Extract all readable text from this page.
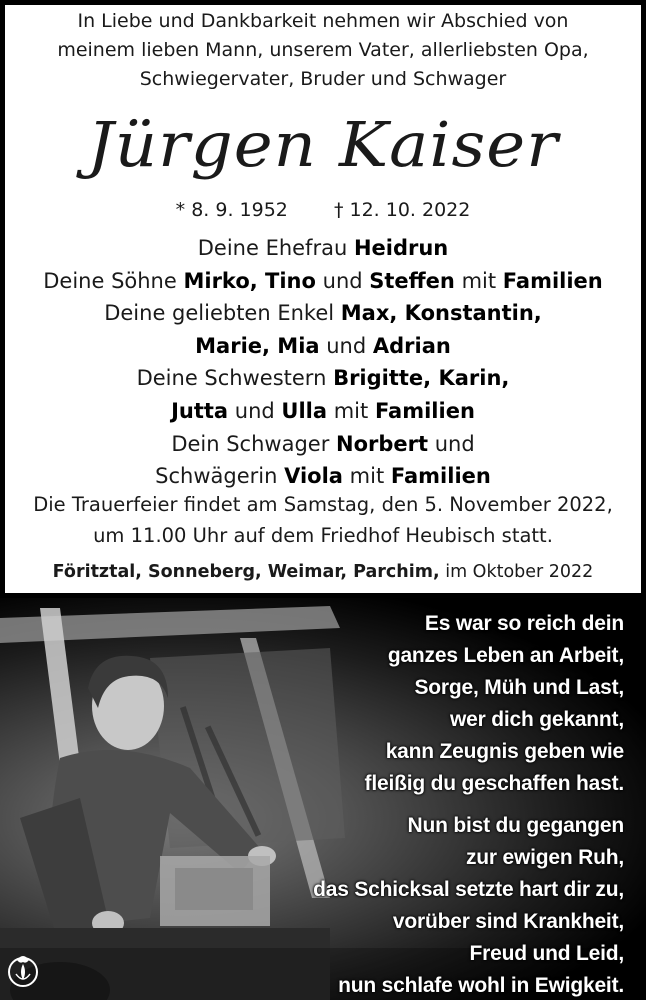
In Liebe und Dankbarkeit nehmen wir Abschied von
meinem lieben Mann, unserem Vater, allerliebsten Opa,
Schwiegervater, Bruder und Schwager
Jürgen Kaiser
* 8. 9. 1952 † 12. 10. 2022
Deine Ehefrau Heidrun
Deine Söhne Mirko, Tino und Steffen mit Familien
Deine geliebten Enkel Max, Konstantin,
Marie, Mia und Adrian
Deine Schwestern Brigitte, Karin,
Jutta und Ulla mit Familien
Dein Schwager Norbert und
Schwägerin Viola mit Familien
Die Trauerfeier findet am Samstag, den 5. November 2022,
um 11.00 Uhr auf dem Friedhof Heubisch statt.
Föritztal, Sonneberg, Weimar, Parchim, im Oktober 2022
Es war so reich dein
ganzes Leben an Arbeit,
Sorge, Müh und Last,
wer dich gekannt,
kann Zeugnis geben wie
fleißig du geschaffen hast.
Nun bist du gegangen
zur ewigen Ruh,
das Schicksal setzte hart dir zu,
vorüber sind Krankheit,
Freud und Leid,
nun schlafe wohl in Ewigkeit.
